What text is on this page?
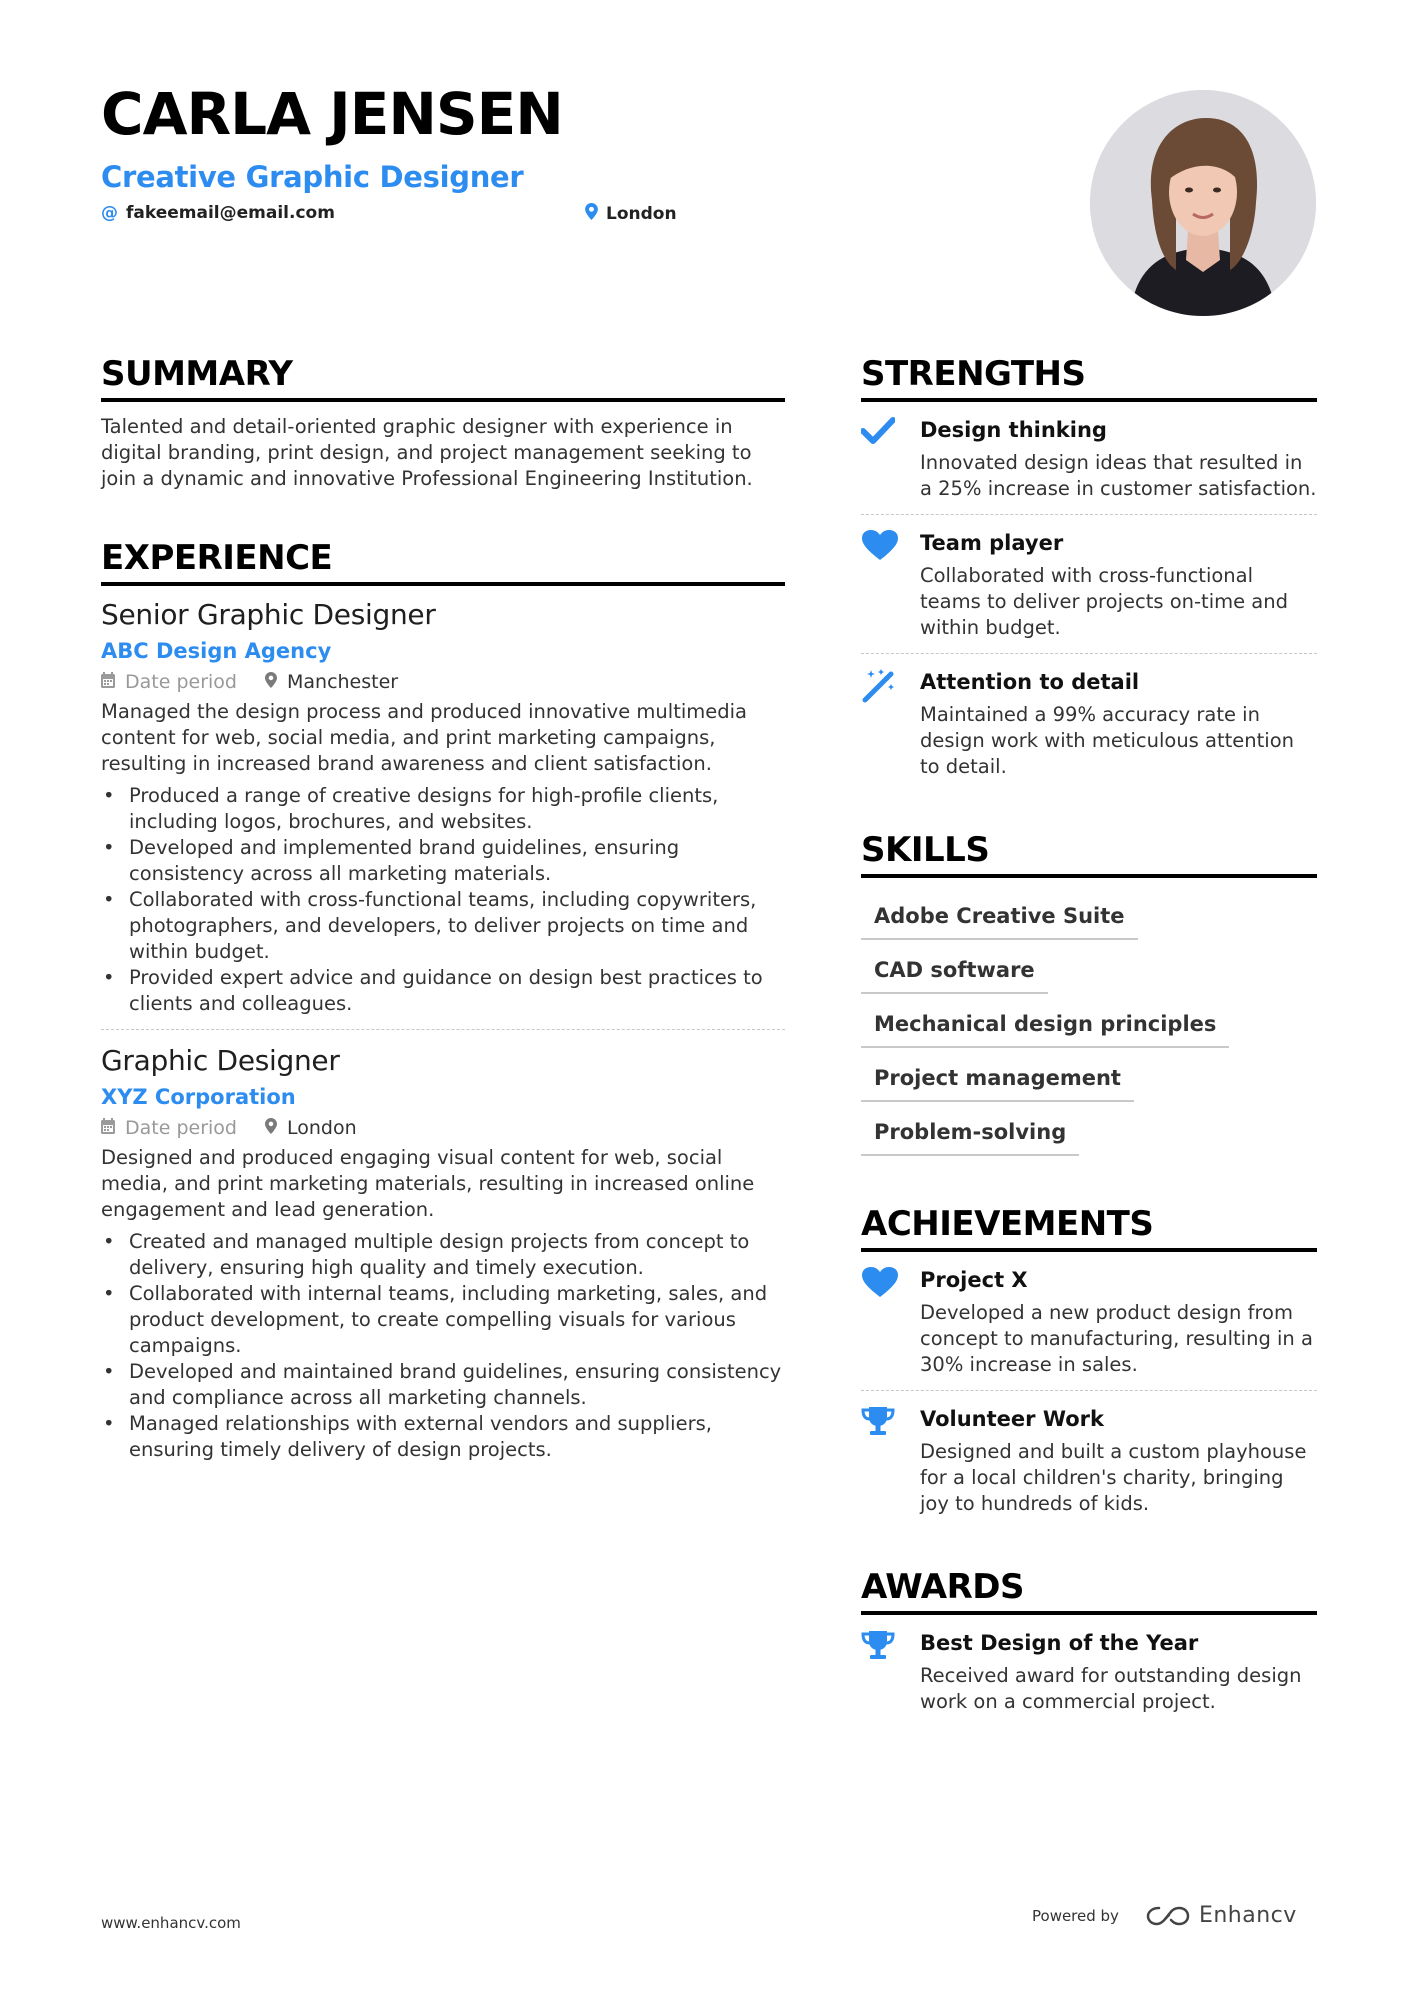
CARLA JENSEN
Creative Graphic Designer
@ fakeemail@email.com	London
SUMMARY
Talented and detail-oriented graphic designer with experience in digital branding, print design, and project management seeking to join a dynamic and innovative Professional Engineering Institution.
EXPERIENCE
Senior Graphic Designer
ABC Design Agency
Date period	Manchester
Managed the design process and produced innovative multimedia content for web, social media, and print marketing campaigns, resulting in increased brand awareness and client satisfaction.
• Produced a range of creative designs for high-profile clients, including logos, brochures, and websites.
• Developed and implemented brand guidelines, ensuring consistency across all marketing materials.
• Collaborated with cross-functional teams, including copywriters, photographers, and developers, to deliver projects on time and within budget.
• Provided expert advice and guidance on design best practices to clients and colleagues.
Graphic Designer
XYZ Corporation
Date period	London
Designed and produced engaging visual content for web, social media, and print marketing materials, resulting in increased online engagement and lead generation.
• Created and managed multiple design projects from concept to delivery, ensuring high quality and timely execution.
• Collaborated with internal teams, including marketing, sales, and product development, to create compelling visuals for various campaigns.
• Developed and maintained brand guidelines, ensuring consistency and compliance across all marketing channels.
• Managed relationships with external vendors and suppliers, ensuring timely delivery of design projects.
STRENGTHS
Design thinking
Innovated design ideas that resulted in a 25% increase in customer satisfaction.
Team player
Collaborated with cross-functional teams to deliver projects on-time and within budget.
Attention to detail
Maintained a 99% accuracy rate in design work with meticulous attention to detail.
SKILLS
Adobe Creative Suite
CAD software
Mechanical design principles
Project management
Problem-solving
ACHIEVEMENTS
Project X
Developed a new product design from concept to manufacturing, resulting in a 30% increase in sales.
Volunteer Work
Designed and built a custom playhouse for a local children's charity, bringing joy to hundreds of kids.
AWARDS
Best Design of the Year
Received award for outstanding design work on a commercial project.
www.enhancv.com	Powered by	Enhancv
